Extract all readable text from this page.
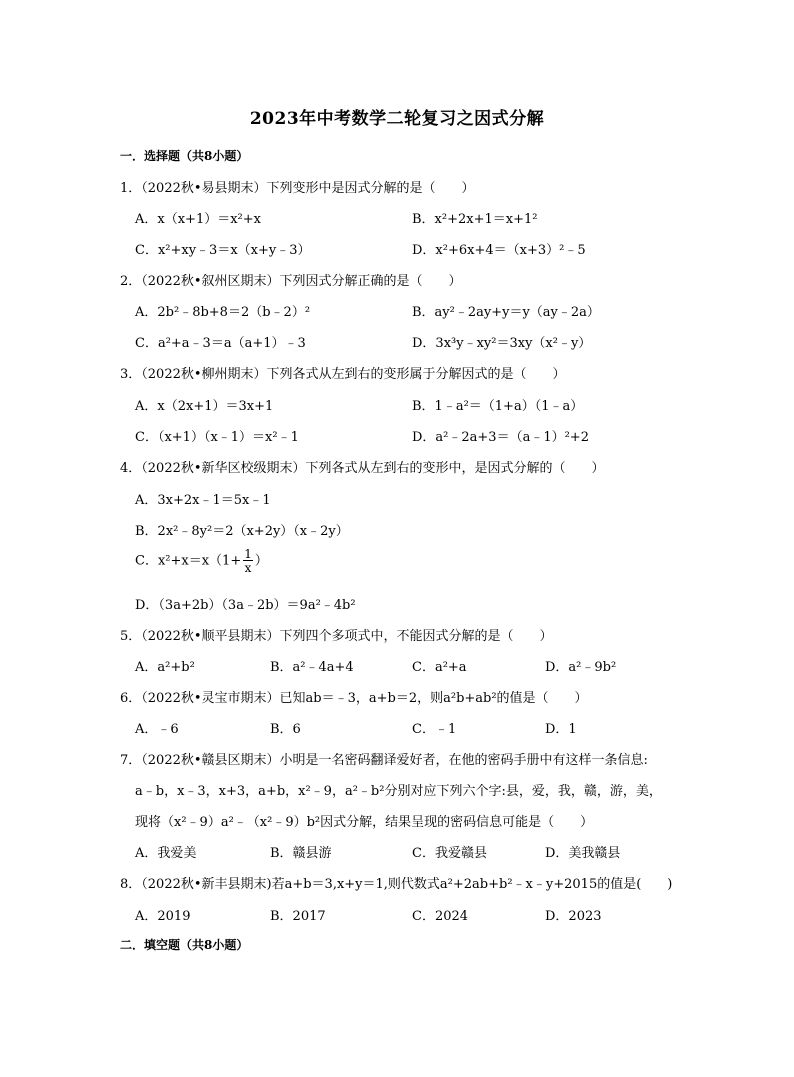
2023年中考数学二轮复习之因式分解
一．选择题（共8小题）
1．（2022秋•易县期末）下列变形中是因式分解的是（　　）
A．x（x+1）＝x²+x	B．x²+2x+1＝x+1²
C．x²+xy﹣3＝x（x+y﹣3）	D．x²+6x+4＝（x+3）²﹣5
2．（2022秋•叙州区期末）下列因式分解正确的是（　　）
A．2b²﹣8b+8＝2（b﹣2）²	B．ay²﹣2ay+y＝y（ay﹣2a）
C．a²+a﹣3＝a（a+1）﹣3	D．3x³y﹣xy²＝3xy（x²﹣y）
3．（2022秋•柳州期末）下列各式从左到右的变形属于分解因式的是（　　）
A．x（2x+1）＝3x+1	B．1﹣a²＝（1+a）（1﹣a）
C．（x+1）（x﹣1）＝x²﹣1	D．a²﹣2a+3＝（a﹣1）²+2
4．（2022秋•新华区校级期末）下列各式从左到右的变形中，是因式分解的（　　）
A．3x+2x﹣1＝5x﹣1
B．2x²﹣8y²＝2（x+2y）（x﹣2y）
C．$x^2+x=x(1+ \frac{1}{x}$ ）
D．（3a+2b）（3a﹣2b）＝9a²﹣4b²
5．（2022秋•顺平县期末）下列四个多项式中，不能因式分解的是（　　）
A．a²+b²	B．a²﹣4a+4	C．a²+a	D．a²﹣9b²
6．（2022秋•灵宝市期末）已知ab＝﹣3，a+b＝2，则a²b+ab²的值是（　　）
A．﹣6	B．6	C．﹣1	D．1
7．（2022秋•赣县区期末）小明是一名密码翻译爱好者，在他的密码手册中有这样一条信息:
a﹣b，x﹣3，x+3，a+b，x²﹣9，a²﹣b²分别对应下列六个字:县，爱，我，赣，游，美，
现将（x²﹣9）a²﹣（x²﹣9）b²因式分解，结果呈现的密码信息可能是（　　）
A．我爱美	B．赣县游	C．我爱赣县	D．美我赣县
8．（2022秋•新丰县期末)若a+b＝3,x+y＝1,则代数式a²+2ab+b²﹣x﹣y+2015的值是(　　)
A．2019	B．2017	C．2024	D．2023
二．填空题（共8小题）
